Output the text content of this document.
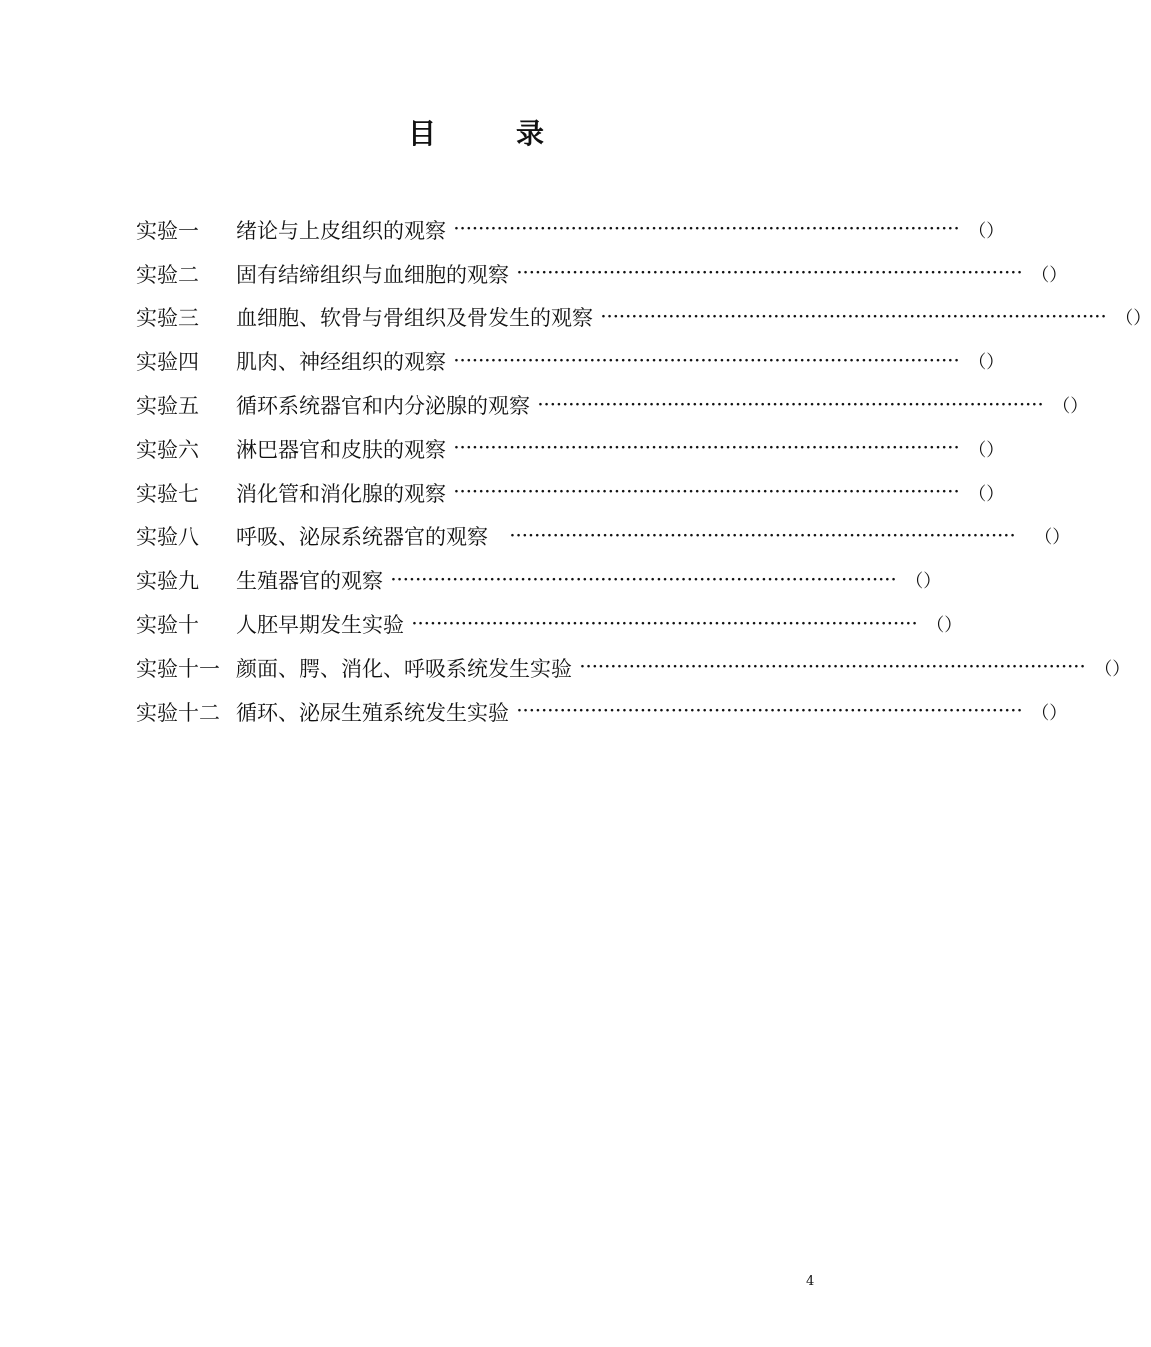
目　录
实验一	绪论与上皮组织的观察 ·················································································· （）
实验二	固有结缔组织与血细胞的观察 ·················································································· （）
实验三	血细胞、软骨与骨组织及骨发生的观察 ·················································································· （）
实验四	肌肉、神经组织的观察 ·················································································· （）
实验五	循环系统器官和内分泌腺的观察 ·················································································· （）
实验六	淋巴器官和皮肤的观察 ·················································································· （）
实验七	消化管和消化腺的观察 ·················································································· （）
实验八	呼吸、泌尿系统器官的观察 ·················································································· （）
实验九	生殖器官的观察 ·················································································· （）
实验十	人胚早期发生实验 ·················································································· （）
实验十一 颜面、腭、消化、呼吸系统发生实验 ·················································································· （）
实验十二 循环、泌尿生殖系统发生实验 ·················································································· （）
4
